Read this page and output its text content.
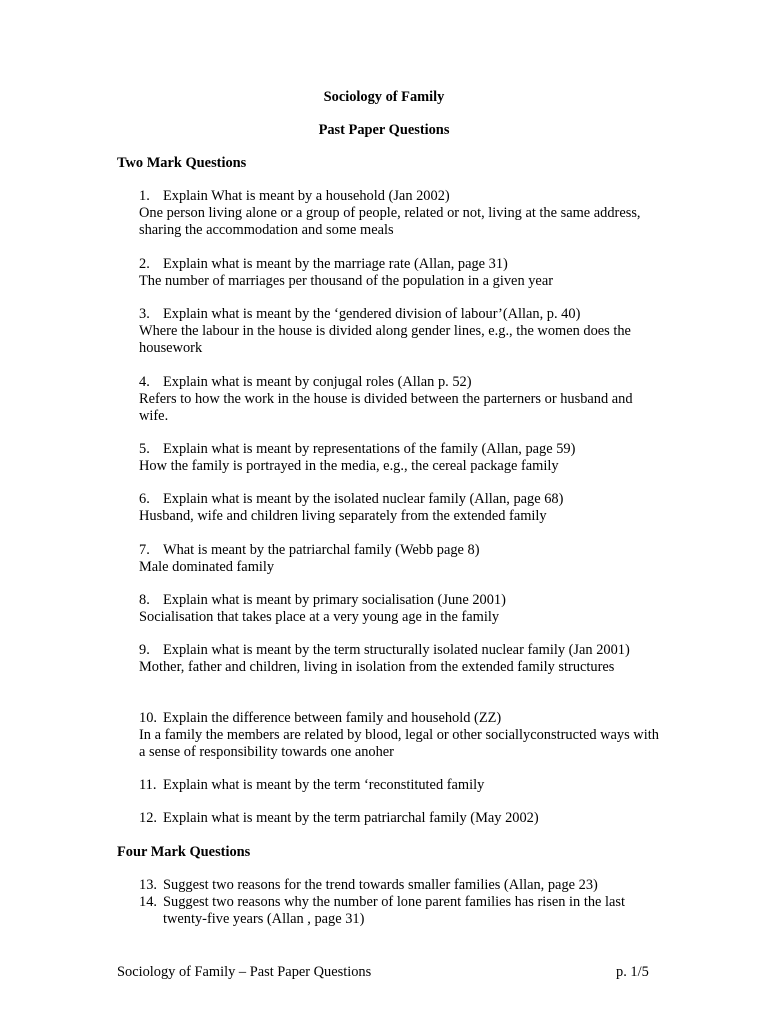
Sociology of Family
Past Paper Questions
Two Mark Questions
1. Explain What is meant by a household (Jan 2002)
One person living alone or a group of people, related or not, living at the same address, sharing the accommodation and some meals
2. Explain what is meant by the marriage rate (Allan, page 31)
The number of marriages per thousand of the population in a given year
3. Explain what is meant by the ‘gendered division of labour’(Allan, p. 40)
Where the labour in the house is divided along gender lines, e.g., the women does the housework
4. Explain what is meant by conjugal roles (Allan p. 52)
Refers to how the work in the house is divided between the parterners or husband and wife.
5. Explain what is meant by representations of the family (Allan, page 59)
How the family is portrayed in the media, e.g., the cereal package family
6. Explain what is meant by the isolated nuclear family (Allan, page 68)
Husband, wife and children living separately from the extended family
7. What is meant by the patriarchal family (Webb page 8)
Male dominated family
8. Explain what is meant by primary socialisation (June 2001)
Socialisation that takes place at a very young age in the family
9. Explain what is meant by the term structurally isolated nuclear family (Jan 2001)
Mother, father and children, living in isolation from the extended family structures
10. Explain the difference between family and household (ZZ)
In a family the members are related by blood, legal or other sociallyconstructed ways with a sense of responsibility towards one anoher
11. Explain what is meant by the term ‘reconstituted family
12. Explain what is meant by the term patriarchal family (May 2002)
Four Mark Questions
13. Suggest two reasons for the trend towards smaller families (Allan, page 23)
14. Suggest two reasons why the number of lone parent families has risen in the last twenty-five years (Allan , page 31)
Sociology of Family – Past Paper Questions	p. 1/5
